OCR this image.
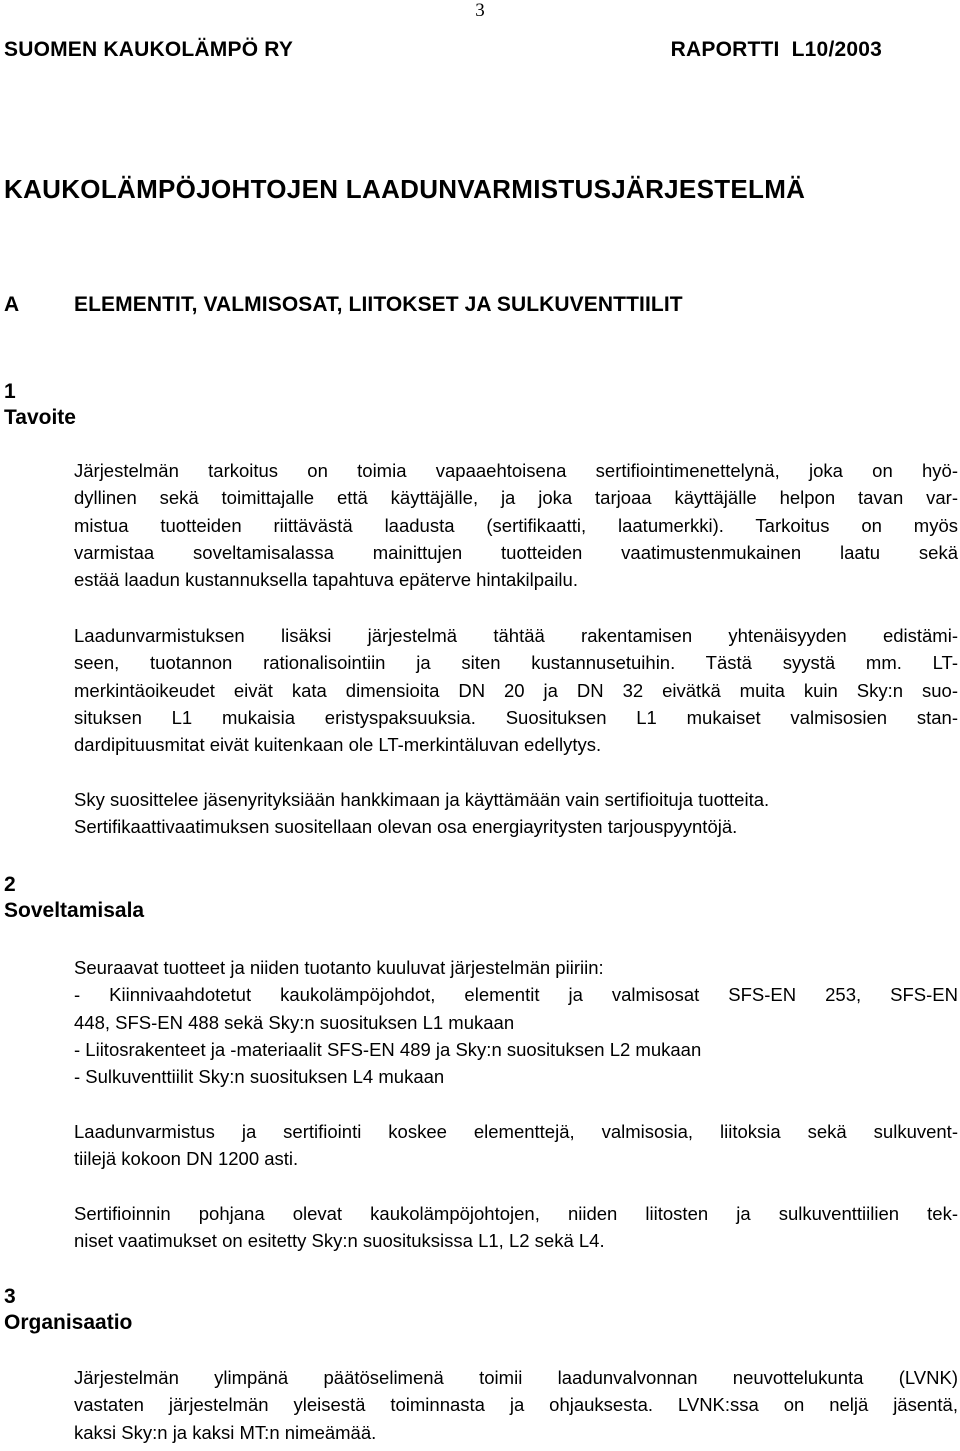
3
SUOMEN KAUKOLÄMPÖ RY	RAPORTTI  L10/2003
KAUKOLÄMPÖJOHTOJEN LAADUNVARMISTUSJÄRJESTELMÄ
A	ELEMENTIT, VALMISOSAT, LIITOKSET JA SULKUVENTTIILIT
1
Tavoite
Järjestelmän tarkoitus on toimia vapaaehtoisena sertifiointimenettelynä, joka on hyö-
dyllinen sekä toimittajalle että käyttäjälle, ja joka tarjoaa käyttäjälle helpon tavan var-
mistua tuotteiden riittävästä laadusta (sertifikaatti, laatumerkki). Tarkoitus on myös
varmistaa soveltamisalassa mainittujen tuotteiden vaatimustenmukainen laatu sekä
estää laadun kustannuksella tapahtuva epäterve hintakilpailu.
Laadunvarmistuksen lisäksi järjestelmä tähtää rakentamisen yhtenäisyyden edistämi-
seen, tuotannon rationalisointiin ja siten kustannusetuihin. Tästä syystä mm. LT-
merkintäoikeudet eivät kata dimensioita DN 20 ja DN 32 eivätkä muita kuin Sky:n suo-
situksen L1 mukaisia eristyspaksuuksia. Suosituksen L1 mukaiset valmisosien stan-
dardipituusmitat eivät kuitenkaan ole LT-merkintäluvan edellytys.
Sky suosittelee jäsenyrityksiään hankkimaan ja käyttämään vain sertifioituja tuotteita.
Sertifikaattivaatimuksen suositellaan olevan osa energiayritysten tarjouspyyntöjä.
2
Soveltamisala
Seuraavat tuotteet ja niiden tuotanto kuuluvat järjestelmän piiriin:
- Kiinnivaahdotetut kaukolämpöjohdot, elementit ja valmisosat SFS-EN 253, SFS-EN
448, SFS-EN 488 sekä Sky:n suosituksen L1 mukaan
- Liitosrakenteet ja -materiaalit SFS-EN 489 ja Sky:n suosituksen L2 mukaan
- Sulkuventtiilit Sky:n suosituksen L4 mukaan
Laadunvarmistus ja sertifiointi koskee elementtejä, valmisosia, liitoksia sekä sulkuvent-
tiilejä kokoon DN 1200 asti.
Sertifioinnin pohjana olevat kaukolämpöjohtojen, niiden liitosten ja sulkuventtiilien tek-
niset vaatimukset on esitetty Sky:n suosituksissa L1, L2 sekä L4.
3
Organisaatio
Järjestelmän ylimpänä päätöselimenä toimii laadunvalvonnan neuvottelukunta (LVNK)
vastaten järjestelmän yleisestä toiminnasta ja ohjauksesta. LVNK:ssa on neljä jäsentä,
kaksi Sky:n ja kaksi MT:n nimeämää.
